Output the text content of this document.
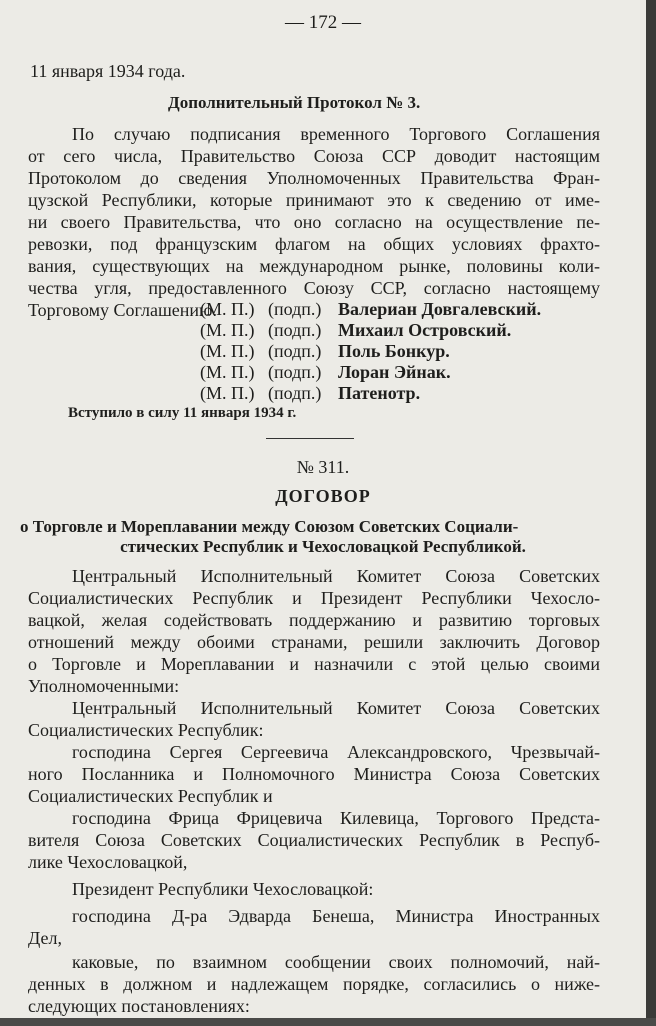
— 172 —
11 января 1934 года.
Дополнительный Протокол № 3.
По случаю подписания временного Торгового Соглашения
от сего числа, Правительство Союза ССР доводит настоящим
Протоколом до сведения Уполномоченных Правительства Фран-
цузской Республики, которые принимают это к сведению от име-
ни своего Правительства, что оно согласно на осуществление пе-
ревозки, под французским флагом на общих условиях фрахто-
вания, существующих на международном рынке, половины коли-
чества угля, предоставленного Союзу ССР, согласно настоящему
Торговому Соглашению.
(М. П.) (подп.) Валериан Довгалевский.
(М. П.) (подп.) Михаил Островский.
(М. П.) (подп.) Поль Бонкур.
(М. П.) (подп.) Лоран Эйнак.
(М. П.) (подп.) Патенотр.
Вступило в силу 11 января 1934 г.
№ 311.
ДОГОВОР
о Торговле и Мореплавании между Союзом Советских Социали-
стических Республик и Чехословацкой Республикой.
Центральный Исполнительный Комитет Союза Советских
Социалистических Республик и Президент Республики Чехосло-
вацкой, желая содействовать поддержанию и развитию торговых
отношений между обоими странами, решили заключить Договор
о Торговле и Мореплавании и назначили с этой целью своими
Уполномоченными:
Центральный Исполнительный Комитет Союза Советских
Социалистических Республик:
господина Сергея Сергеевича Александровского, Чрезвычай-
ного Посланника и Полномочного Министра Союза Советских
Социалистических Республик и
господина Фрица Фрицевича Килевица, Торгового Предста-
вителя Союза Советских Социалистических Республик в Респуб-
лике Чехословацкой,
Президент Республики Чехословацкой:
господина Д-ра Эдварда Бенеша, Министра Иностранных
Дел,
каковые, по взаимном сообщении своих полномочий, най-
денных в должном и надлежащем порядке, согласились о ниже-
следующих постановлениях:
